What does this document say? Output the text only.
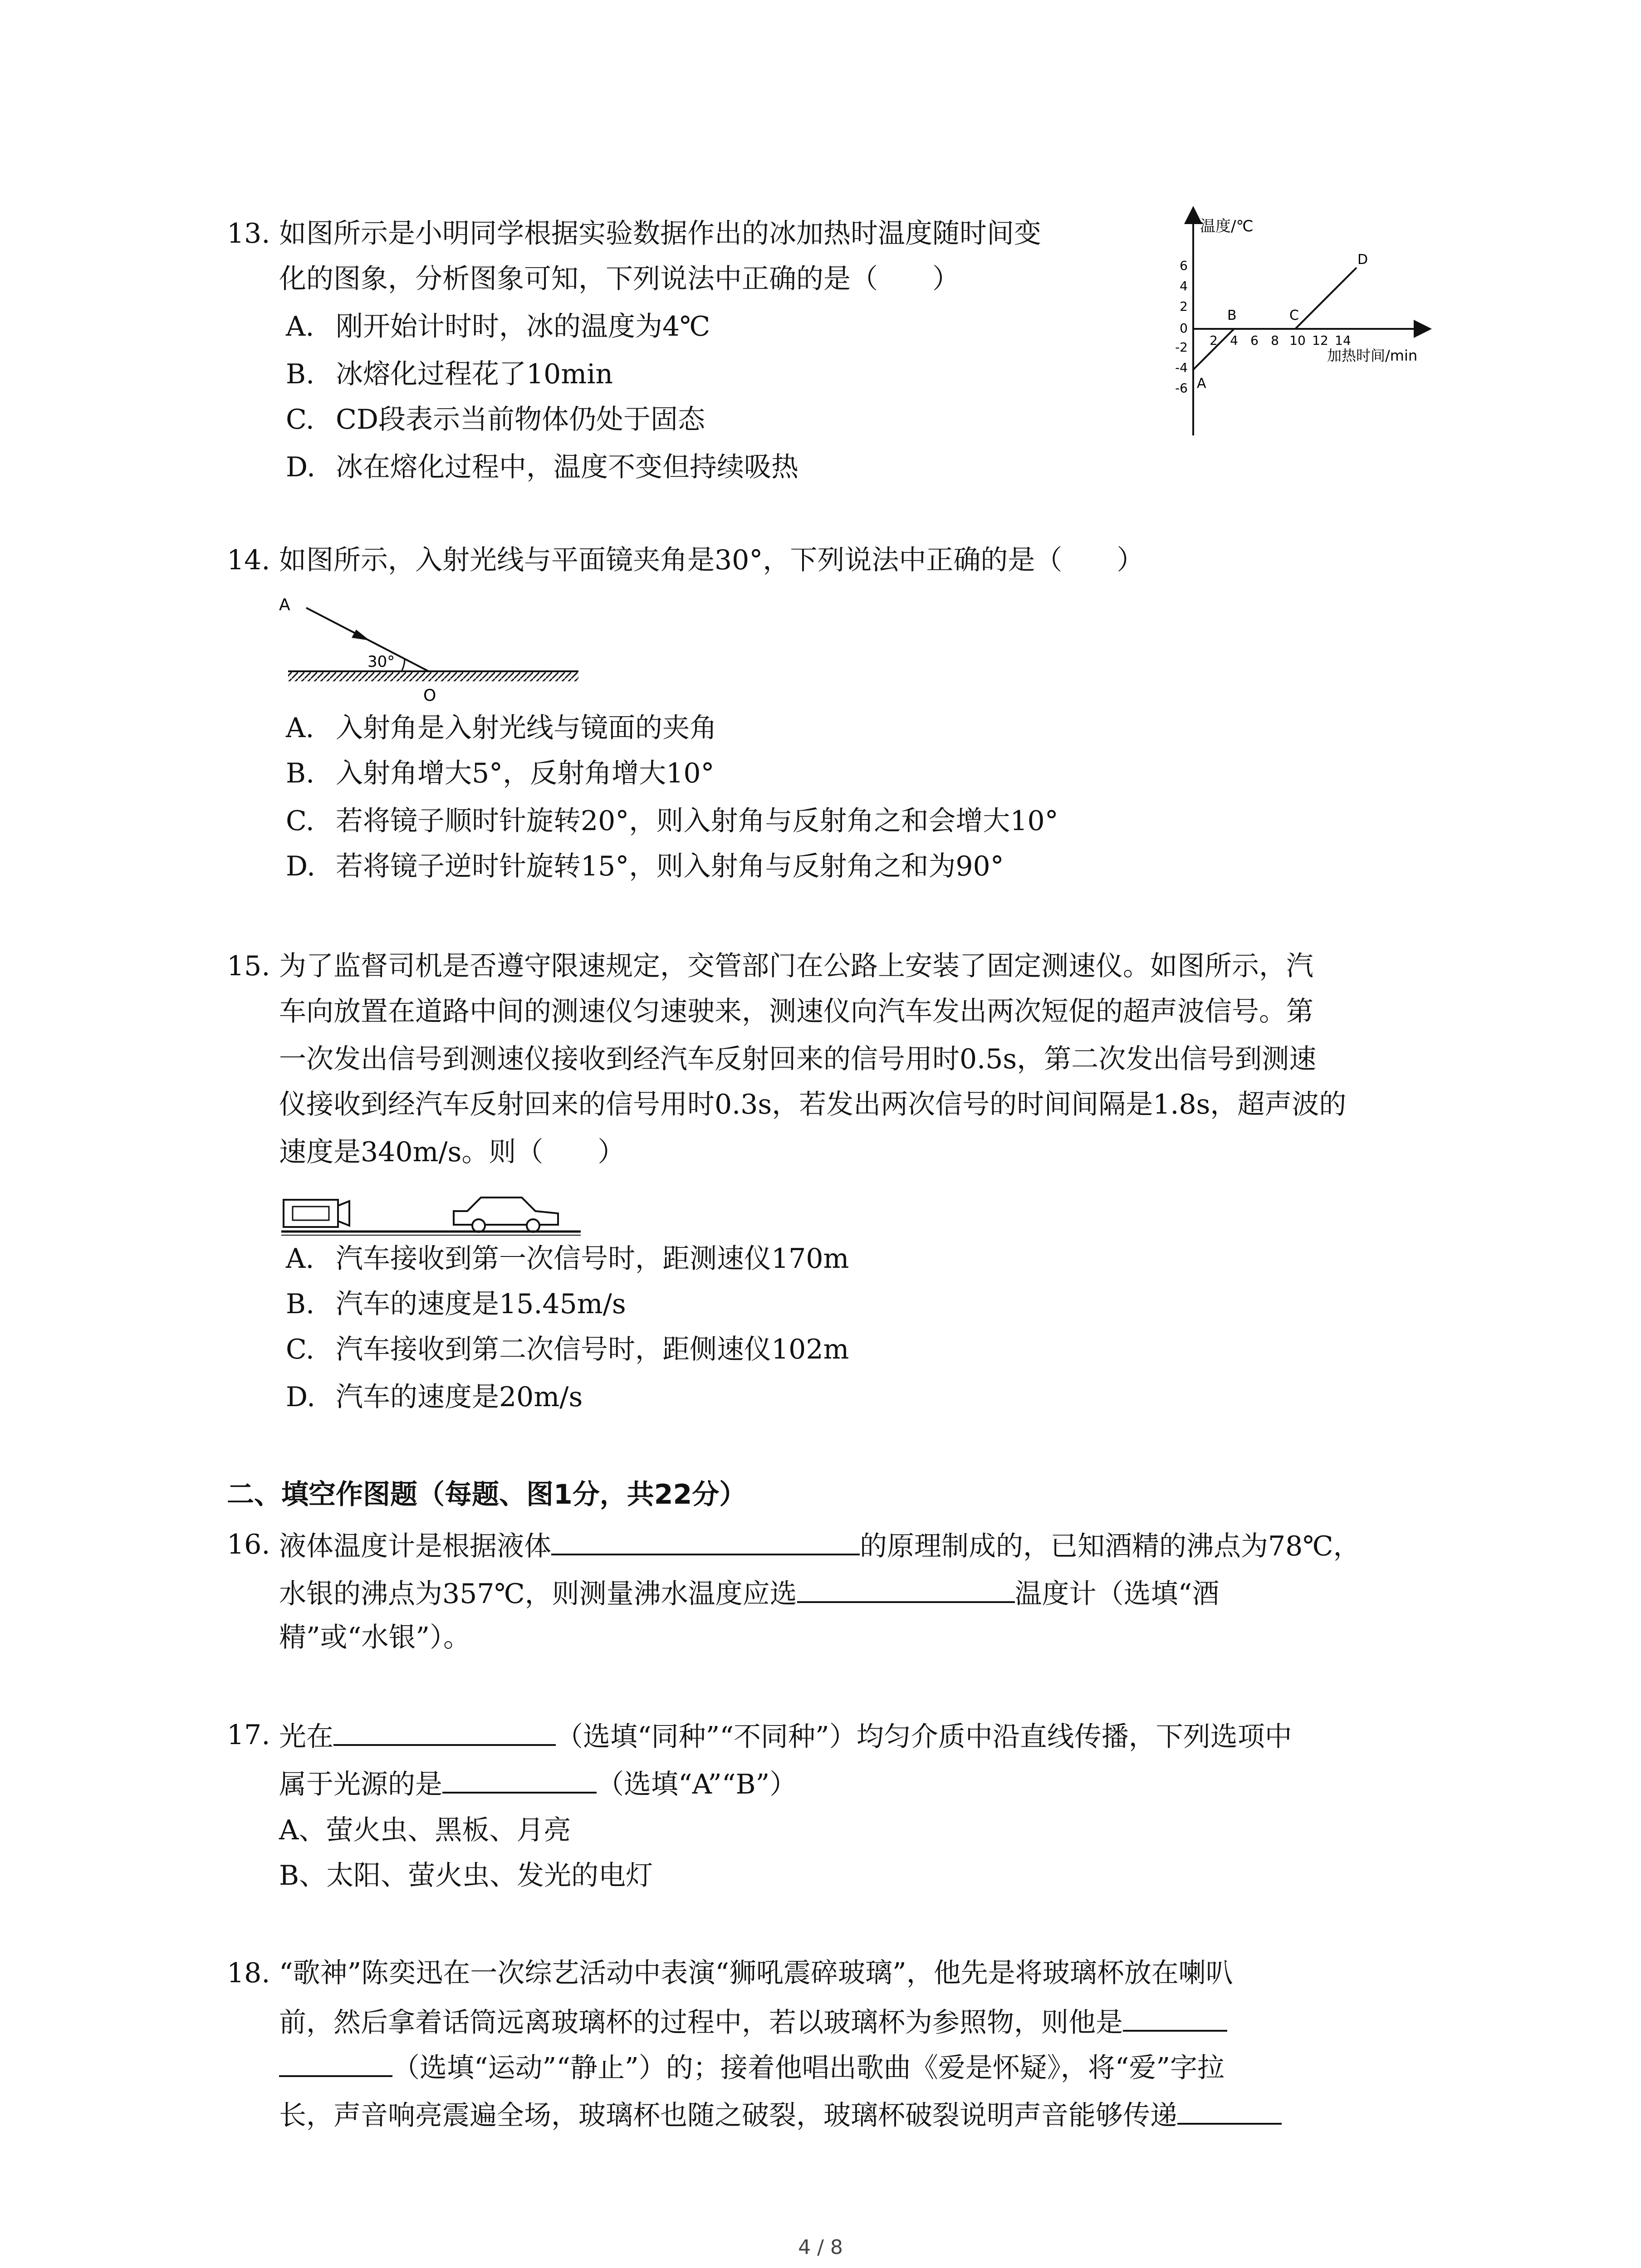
13. 如图所示是小明同学根据实验数据作出的冰加热时温度随时间变
化的图象，分析图象可知，下列说法中正确的是（　　）
A. 刚开始计时时，冰的温度为4℃
B. 冰熔化过程花了10min
C. CD段表示当前物体仍处于固态
D. 冰在熔化过程中，温度不变但持续吸热
温度/℃
加热时间/min
6
4
2
0
-2
-4
-6
2 4 6 8 10 12 14
A
B	C
D
14. 如图所示，入射光线与平面镜夹角是30°，下列说法中正确的是（　　）
30°
A
O
A. 入射角是入射光线与镜面的夹角
B. 入射角增大5°，反射角增大10°
C. 若将镜子顺时针旋转20°，则入射角与反射角之和会增大10°
D. 若将镜子逆时针旋转15°，则入射角与反射角之和为90°
15. 为了监督司机是否遵守限速规定，交管部门在公路上安装了固定测速仪。如图所示，汽
车向放置在道路中间的测速仪匀速驶来，测速仪向汽车发出两次短促的超声波信号。第
一次发出信号到测速仪接收到经汽车反射回来的信号用时0.5s，第二次发出信号到测速
仪接收到经汽车反射回来的信号用时0.3s，若发出两次信号的时间间隔是1.8s，超声波的
速度是340m/s。则（　　）
A. 汽车接收到第一次信号时，距测速仪170m
B. 汽车的速度是15.45m/s
C. 汽车接收到第二次信号时，距侧速仪102m
D. 汽车的速度是20m/s
二、填空作图题（每题、图1分，共22分）
16. 液体温度计是根据液体	的原理制成的，已知酒精的沸点为78℃，
水银的沸点为357℃，则测量沸水温度应选	温度计（选填“酒
精”或“水银”）。
17. 光在	（选填“同种”“不同种”）均匀介质中沿直线传播，下列选项中
属于光源的是	（选填“A”“B”）
A、萤火虫、黑板、月亮
B、太阳、萤火虫、发光的电灯
18. “歌神”陈奕迅在一次综艺活动中表演“狮吼震碎玻璃”，他先是将玻璃杯放在喇叭
前，然后拿着话筒远离玻璃杯的过程中，若以玻璃杯为参照物，则他是
（选填“运动”“静止”）的；接着他唱出歌曲《爱是怀疑》，将“爱”字拉
长，声音响亮震遍全场，玻璃杯也随之破裂，玻璃杯破裂说明声音能够传递
4 / 8
